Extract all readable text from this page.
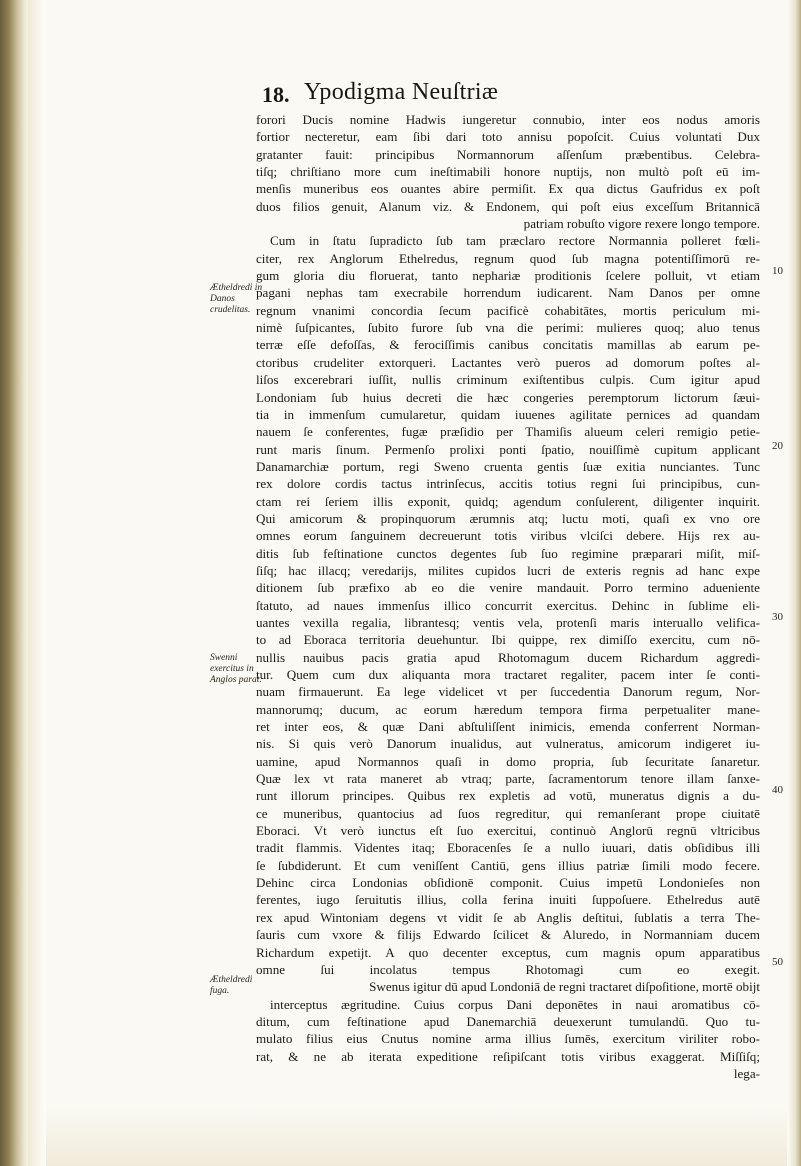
18. Ypodigma Neuſtriæ
Ætheldredi in Danos crudelitas.
Swenni exercitus in Anglos parat.
Ætheldredi fuga.
10
20
30
40
50
forori Ducis nomine Hadwis iungeretur connubio, inter eos nodus amoris
fortior necteretur, eam ſibi dari toto annisu popoſcit. Cuius voluntati Dux
gratanter fauit: principibus Normannorum aſſenſum præbentibus. Celebra-
tiſq; chriſtiano more cum ineſtimabili honore nuptijs, non multò poſt eū im-
menſis muneribus eos ouantes abire permiſit. Ex qua dictus Gaufridus ex poſt
duos filios genuit, Alanum viz. & Endonem, qui poſt eius exceſſum Britannicā
patriam robuſto vigore rexere longo tempore.
Cum in ſtatu ſupradicto ſub tam præclaro rectore Normannia polleret fœli-
citer, rex Anglorum Ethelredus, regnum quod ſub magna potentiſſimorū re-
gum gloria diu floruerat, tanto nephariæ proditionis ſcelere polluit, vt etiam
pagani nephas tam execrabile horrendum iudicarent. Nam Danos per omne
regnum vnanimi concordia ſecum pacificè cohabitātes, mortis periculum mi-
nimè ſuſpicantes, ſubito furore ſub vna die perimi: mulieres quoq; aluo tenus
terræ eſſe defoſſas, & ferociſſimis canibus concitatis mamillas ab earum pe-
ctoribus crudeliter extorqueri. Lactantes verò pueros ad domorum poſtes al-
liſos excerebrari iuſſit, nullis criminum exiſtentibus culpis. Cum igitur apud
Londoniam ſub huius decreti die hæc congeries peremptorum lictorum ſæui-
tia in immenſum cumularetur, quidam iuuenes agilitate pernices ad quandam
nauem ſe conferentes, fugæ præſidio per Thamiſis alueum celeri remigio petie-
runt maris ſinum. Permenſo prolixi ponti ſpatio, nouiſſimè cupitum applicant
Danamarchiæ portum, regi Sweno cruenta gentis ſuæ exitia nunciantes. Tunc
rex dolore cordis tactus intrinſecus, accitis totius regni ſui principibus, cun-
ctam rei ſeriem illis exponit, quidq; agendum conſulerent, diligenter inquirit.
Qui amicorum & propinquorum ærumnis atq; luctu moti, quaſi ex vno ore
omnes eorum ſanguinem decreuerunt totis viribus vlciſci debere. Hijs rex au-
ditis ſub feſtinatione cunctos degentes ſub ſuo regimine præparari miſit, miſ-
ſiſq; hac illacq; veredarijs, milites cupidos lucri de exteris regnis ad hanc expe
ditionem ſub præfixo ab eo die venire mandauit. Porro termino adueniente
ſtatuto, ad naues immenſus illico concurrit exercitus. Dehinc in ſublime eli-
uantes vexilla regalia, librantesq; ventis vela, protenſi maris interuallo velifica-
to ad Eboraca territoria deuehuntur. Ibi quippe, rex dimiſſo exercitu, cum nō-
nullis nauibus pacis gratia apud Rhotomagum ducem Richardum aggredi-
tur. Quem cum dux aliquanta mora tractaret regaliter, pacem inter ſe conti-
nuam firmauerunt. Ea lege videlicet vt per ſuccedentia Danorum regum, Nor-
mannorumq; ducum, ac eorum hæredum tempora firma perpetualiter mane-
ret inter eos, & quæ Dani abſtuliſſent inimicis, emenda conferrent Norman-
nis. Si quis verò Danorum inualidus, aut vulneratus, amicorum indigeret iu-
uamine, apud Normannos quaſi in domo propria, ſub ſecuritate ſanaretur.
Quæ lex vt rata maneret ab vtraq; parte, ſacramentorum tenore illam ſanxe-
runt illorum principes. Quibus rex expletis ad votū, muneratus dignis a du-
ce muneribus, quantocius ad ſuos regreditur, qui remanſerant prope ciuitatē
Eboraci. Vt verò iunctus eſt ſuo exercitui, continuò Anglorū regnū vltricibus
tradit flammis. Videntes itaq; Eboracenſes ſe a nullo iuuari, datis obſidibus illi
ſe ſubdiderunt. Et cum veniſſent Cantiū, gens illius patriæ ſimili modo fecere.
Dehinc circa Londonias obſidionē componit. Cuius impetū Londonieſes non
ferentes, iugo ſeruitutis illius, colla ferina inuiti ſuppoſuere. Ethelredus autē
rex apud Wintoniam degens vt vidit ſe ab Anglis deſtitui, ſublatis a terra The-
ſauris cum vxore & filijs Edwardo ſcilicet & Aluredo, in Normanniam ducem
Richardum expetijt. A quo decenter exceptus, cum magnis opum apparatibus
omne ſui incolatus tempus Rhotomagi cum eo exegit.
Swenus igitur dū apud Londoniā de regni tractaret diſpoſitione, mortē obijt
interceptus ægritudine. Cuius corpus Dani deponētes in naui aromatibus cō-
ditum, cum feſtinatione apud Danemarchiā deuexerunt tumulandū. Quo tu-
mulato filius eius Cnutus nomine arma illius ſumēs, exercitum viriliter robo-
rat, & ne ab iterata expeditione reſipiſcant totis viribus exaggerat. Miſſiſq;
lega-
